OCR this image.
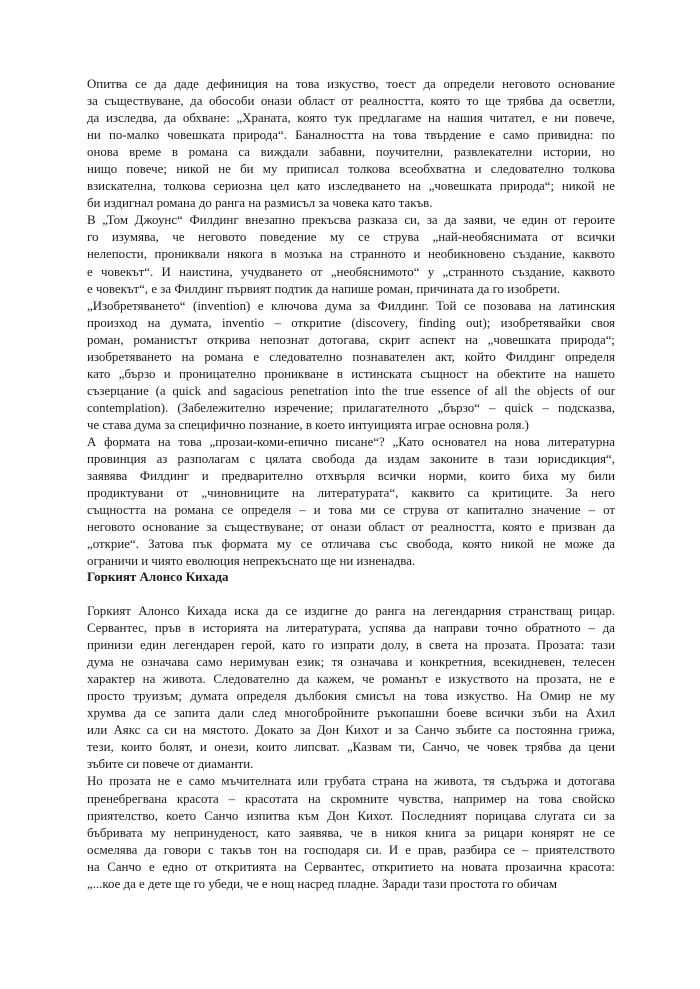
Опитва се да даде дефиниция на това изкуство, тоест да определи неговото основание
за съществуване, да обособи онази област от реалността, която то ще трябва да осветли,
да изследва, да обхване: „Храната, която тук предлагаме на нашия читател, е ни повече,
ни по-малко човешката природа“. Баналността на това твърдение е само привидна: по
онова време в романа са виждали забавни, поучителни, развлекателни истории, но
нищо повече; никой не би му приписал толкова всеобхватна и следователно толкова
взискателна, толкова сериозна цел като изследването на „човешката природа“; никой не
би издигнал романа до ранга на размисъл за човека като такъв.
В „Том Джоунс“ Филдинг внезапно прекъсва разказа си, за да заяви, че един от героите
го изумява, че неговото поведение му се струва „най-необяснимата от всички
нелепости, прониквали някога в мозъка на странното и необикновено създание, каквото
е човекът“. И наистина, учудването от „необяснимото“ у „странното създание, каквото
е човекът“, е за Филдинг първият подтик да напише роман, причината да го изобрети.
„Изобретяването“ (invention) е ключова дума за Филдинг. Той се позовава на латинския
произход на думата, inventio – откритие (discovery, finding out); изобретявайки своя
роман, романистът открива непознат дотогава, скрит аспект на „човешката природа“;
изобретяването на романа е следователно познавателен акт, който Филдинг определя
като „бързо и проницателно проникване в истинската същност на обектите на нашето
съзерцание (a quick and sagacious penetration into the true essence of all the objects of our
contemplation). (Забележително изречение; прилагателното „бързо“ – quick – подсказва,
че става дума за специфично познание, в което интуицията играе основна роля.)
А формата на това „прозаи-коми-епично писане“? „Като основател на нова литературна
провинция аз разполагам с цялата свобода да издам законите в тази юрисдикция“,
заявява Филдинг и предварително отхвърля всички норми, които биха му били
продиктувани от „чиновниците на литературата“, каквито са критиците. За него
същността на романа се определя – и това ми се струва от капитално значение – от
неговото основание за съществуване; от онази област от реалността, която е призван да
„открие“. Затова пък формата му се отличава със свобода, която никой не може да
ограничи и чиято еволюция непрекъснато ще ни изненадва.
Горкият Алонсо Кихада
Горкият Алонсо Кихада иска да се издигне до ранга на легендарния странстващ рицар.
Сервантес, пръв в историята на литературата, успява да направи точно обратното – да
принизи един легендарен герой, като го изпрати долу, в света на прозата. Прозата: тази
дума не означава само неримуван език; тя означава и конкретния, всекидневен, телесен
характер на живота. Следователно да кажем, че романът е изкуството на прозата, не е
просто труизъм; думата определя дълбокия смисъл на това изкуство. На Омир не му
хрумва да се запита дали след многобройните ръкопашни боеве всички зъби на Ахил
или Аякс са си на мястото. Докато за Дон Кихот и за Санчо зъбите са постоянна грижа,
тези, които болят, и онези, които липсват. „Казвам ти, Санчо, че човек трябва да цени
зъбите си повече от диаманти.
Но прозата не е само мъчителната или грубата страна на живота, тя съдържа и дотогава
пренебрегвана красота – красотата на скромните чувства, например на това свойско
приятелство, което Санчо изпитва към Дон Кихот. Последният порицава слугата си за
бъбривата му непринуденост, като заявява, че в никоя книга за рицари конярят не се
осмелява да говори с такъв тон на господаря си. И е прав, разбира се – приятелството
на Санчо е едно от откритията на Сервантес, откритието на новата прозаична красота:
„...кое да е дете ще го убеди, че е нощ насред пладне. Заради тази простота го обичам
